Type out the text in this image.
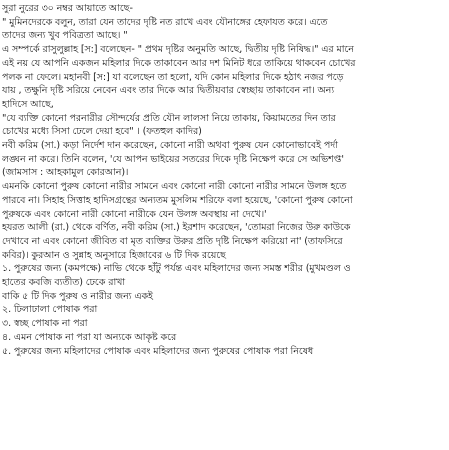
সুরা নুরের ৩০ নম্বর আয়াতে আছে-
" মুমিনদেরকে বলুন, তারা যেন তাদের দৃষ্টি নত রাখে এবং যৌনাঙ্গের হেফাযত করে। এতে
তাদের জন্য খুব পবিত্রতা আছে। "
এ সম্পর্কে রাসুলুল্লাহ [স:] বলেছেন- " প্রথম দৃষ্টির অনুমতি আছে, দ্বিতীয় দৃষ্টি নিষিদ্ধ।" এর মানে
এই নয় যে আপনি একজন মহিলার দিকে তাকাবেন আর দশ মিনিট ধরে তাকিয়ে থাকবেন চোখের
পলক না ফেলে। মহানবী [স:] যা বলেছেন তা হলো, যদি কোন মহিলার দিকে হঠাৎ নজর পড়ে
যায় , তক্ষুনি দৃষ্টি সরিয়ে নেবেন এবং তার দিকে আর দ্বিতীয়বার স্বেচ্ছায় তাকাবেন না। অন্য
হাদিসে আছে,
"যে ব্যক্তি কোনো পরনারীর সৌন্দর্যের প্রতি যৌন লালসা নিয়ে তাকায়, কিয়ামতের দিন তার
চোখের মধ্যে সিসা ঢেলে দেয়া হবে" । (ফতহুল কাদির)
নবী করিম (সা.) কড়া নির্দেশ দান করেছেন, কোনো নারী অথবা পুরুষ যেন কোনোভাবেই পর্দা
লঙ্ঘন না করে। তিনি বলেন, 'যে আপন ভাইয়ের সতরের দিকে দৃষ্টি নিক্ষেপ করে সে অভিশপ্ত'
(জামসাস : আহকামুল কোরআন)।
এমনকি কোনো পুরুষ কোনো নারীর সামনে এবং কোনো নারী কোনো নারীর সামনে উলঙ্গ হতে
পারবে না। সিহাহ সিত্তাহ হাদিসগ্রন্থের অন্যতম মুসলিম শরিফে বলা হয়েছে, 'কোনো পুরুষ কোনো
পুরুষকে এবং কোনো নারী কোনো নারীকে যেন উলঙ্গ অবস্থায় না দেখে।'
হযরত আলী (রা.) থেকে বর্ণিত, নবী করিম (সা.) ইরশাদ করেছেন, 'তোমরা নিজের উরু কাউকে
দেখাবে না এবং কোনো জীবিত বা মৃত ব্যক্তির উরুর প্রতি দৃষ্টি নিক্ষেপ করিয়ো না' (তাফসিরে
কবির)। কুরআন ও সুন্নাহ অনুসারে হিজাবের ৬ টি দিক রয়েছে
১. পুরুষের জন্য (কমপক্ষে) নাভি থেকে হাঁটু পর্যন্ত এবং মহিলাদের জন্য সমস্ত শরীর (মুখমণ্ডল ও
হাতের কবজি ব্যতীত) ঢেকে রাখা
বাকি ৫ টি দিক পুরুষ ও নারীর জন্য একই
২. ঢিলাঢালা পোষাক পরা
৩. স্বচ্ছ পোষাক না পরা
৪. এমন পোষাক না পরা যা অন্যকে আকৃষ্ট করে
৫. পুরুষের জন্য মহিলাদের পোষাক এবং মহিলাদের জন্য পুরুষের পোষাক পরা নিষেধ
